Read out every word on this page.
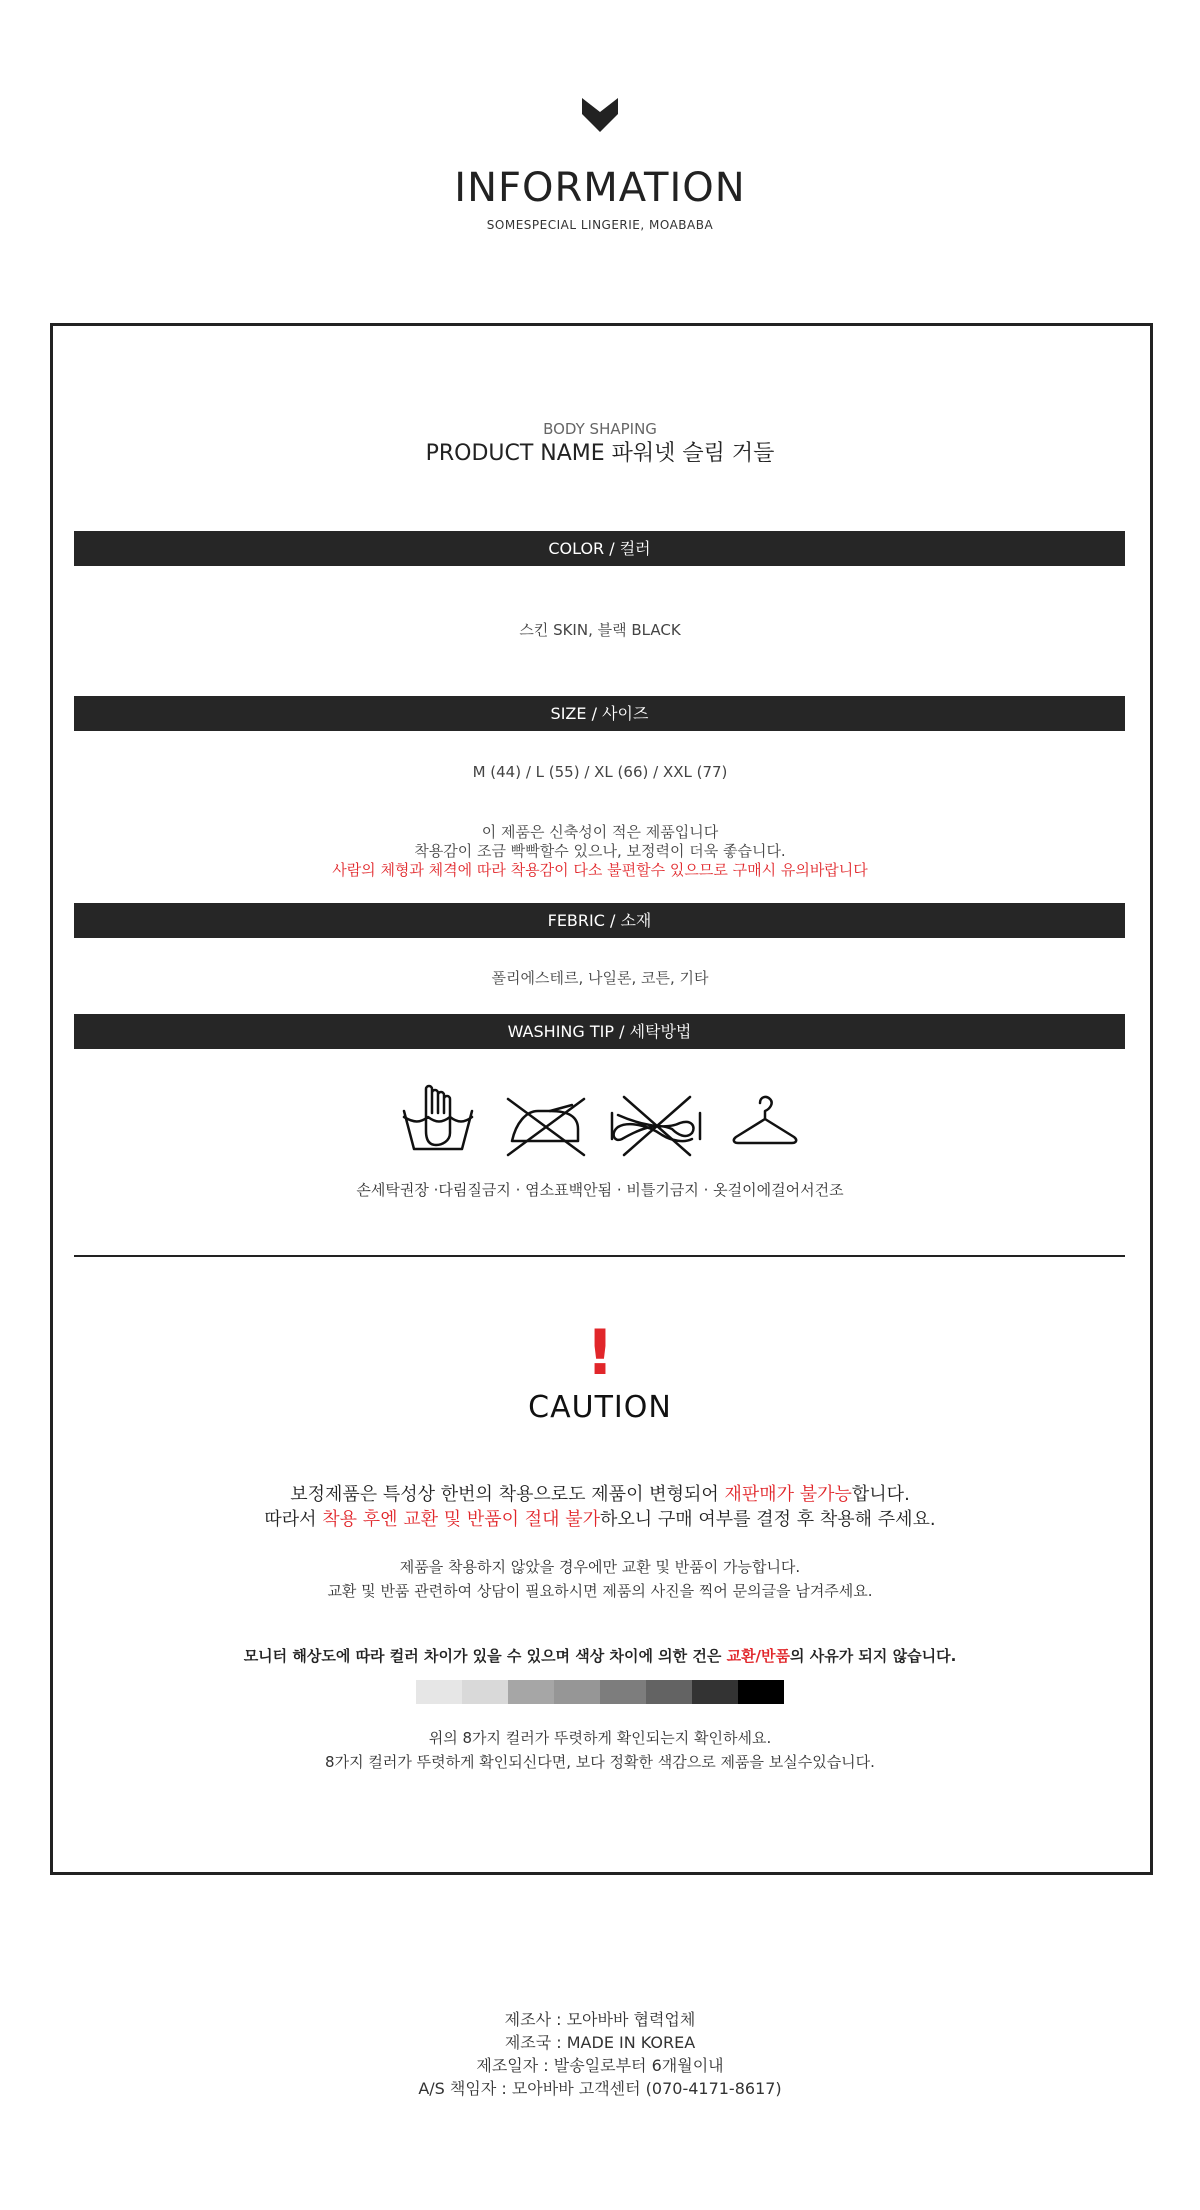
INFORMATION
SOMESPECIAL LINGERIE, MOABABA
BODY SHAPING
PRODUCT NAME 파워넷 슬림 거들
COLOR / 컬러
스킨 SKIN, 블랙 BLACK
SIZE / 사이즈
M (44) / L (55) / XL (66) / XXL (77)
이 제품은 신축성이 적은 제품입니다
착용감이 조금 빡빡할수 있으나, 보정력이 더욱 좋습니다.
사람의 체형과 체격에 따라 착용감이 다소 불편할수 있으므로 구매시 유의바랍니다
FEBRIC / 소재
폴리에스테르, 나일론, 코튼, 기타
WASHING TIP / 세탁방법
손세탁권장 ·다림질금지 · 염소표백안됨 · 비틀기금지 · 옷걸이에걸어서건조
!
CAUTION
보정제품은 특성상 한번의 착용으로도 제품이 변형되어 재판매가 불가능합니다.
따라서 착용 후엔 교환 및 반품이 절대 불가하오니 구매 여부를 결정 후 착용해 주세요.
제품을 착용하지 않았을 경우에만 교환 및 반품이 가능합니다.
교환 및 반품 관련하여 상담이 필요하시면 제품의 사진을 찍어 문의글을 남겨주세요.
모니터 해상도에 따라 컬러 차이가 있을 수 있으며 색상 차이에 의한 건은 교환/반품의 사유가 되지 않습니다.
위의 8가지 컬러가 뚜렷하게 확인되는지 확인하세요.
8가지 컬러가 뚜렷하게 확인되신다면, 보다 정확한 색감으로 제품을 보실수있습니다.
제조사 : 모아바바 협력업체
제조국 : MADE IN KOREA
제조일자 : 발송일로부터 6개월이내
A/S 책임자 : 모아바바 고객센터 (070-4171-8617)
